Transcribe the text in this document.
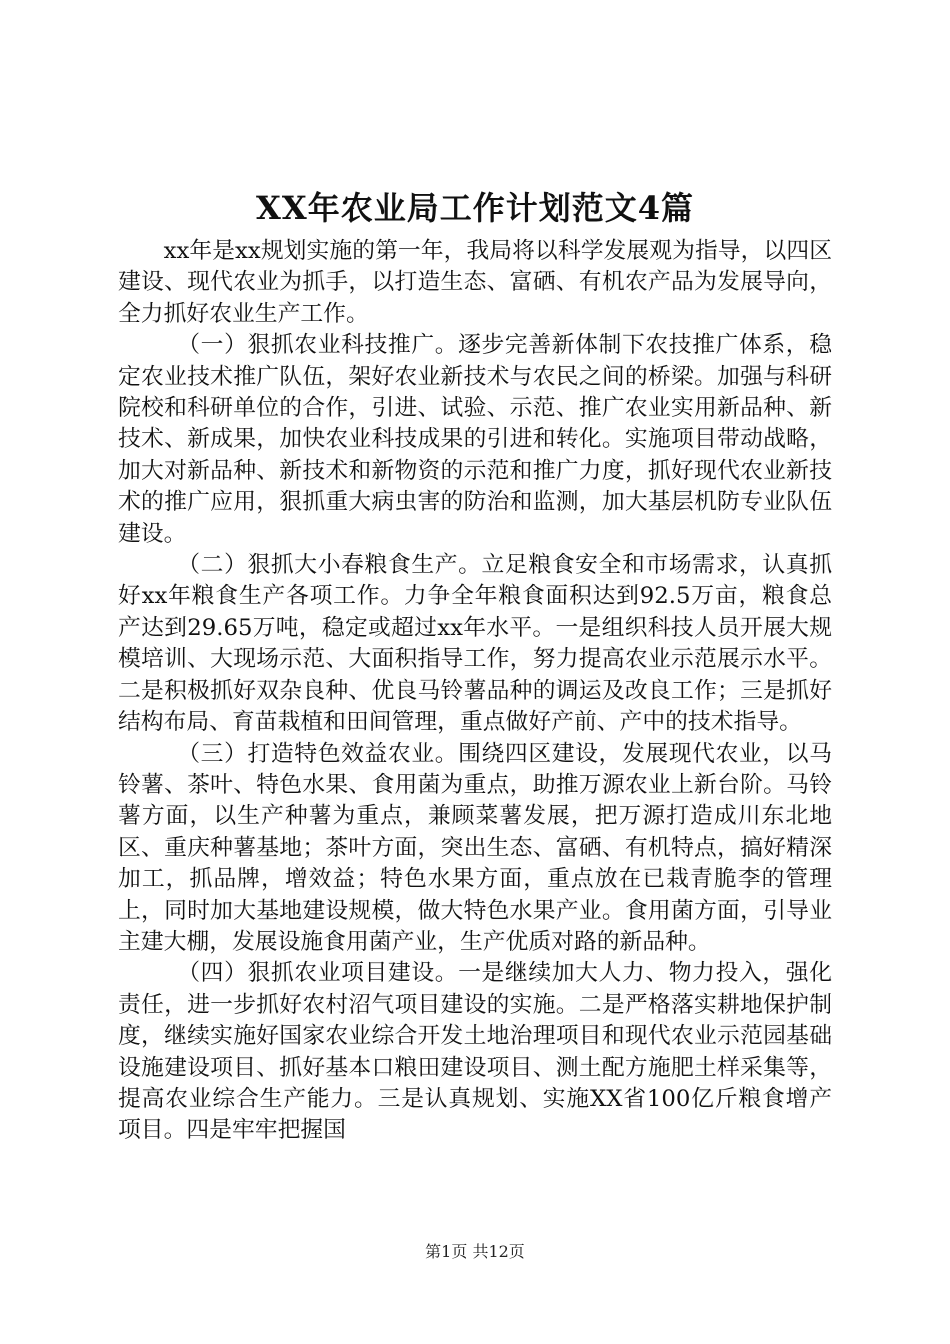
XX年农业局工作计划范文4篇

xx年是xx规划实施的第一年，我局将以科学发展观为指导，以四区建设、现代农业为抓手，以打造生态、富硒、有机农产品为发展导向，全力抓好农业生产工作。

（一）狠抓农业科技推广。逐步完善新体制下农技推广体系，稳定农业技术推广队伍，架好农业新技术与农民之间的桥梁。加强与科研院校和科研单位的合作，引进、试验、示范、推广农业实用新品种、新技术、新成果，加快农业科技成果的引进和转化。实施项目带动战略，加大对新品种、新技术和新物资的示范和推广力度，抓好现代农业新技术的推广应用，狠抓重大病虫害的防治和监测，加大基层机防专业队伍建设。

（二）狠抓大小春粮食生产。立足粮食安全和市场需求，认真抓好xx年粮食生产各项工作。力争全年粮食面积达到92.5万亩，粮食总产达到29.65万吨，稳定或超过xx年水平。一是组织科技人员开展大规模培训、大现场示范、大面积指导工作，努力提高农业示范展示水平。二是积极抓好双杂良种、优良马铃薯品种的调运及改良工作；三是抓好结构布局、育苗栽植和田间管理，重点做好产前、产中的技术指导。

（三）打造特色效益农业。围绕四区建设，发展现代农业，以马铃薯、茶叶、特色水果、食用菌为重点，助推万源农业上新台阶。马铃薯方面，以生产种薯为重点，兼顾菜薯发展，把万源打造成川东北地区、重庆种薯基地；茶叶方面，突出生态、富硒、有机特点，搞好精深加工，抓品牌，增效益；特色水果方面，重点放在已栽青脆李的管理上，同时加大基地建设规模，做大特色水果产业。食用菌方面，引导业主建大棚，发展设施食用菌产业，生产优质对路的新品种。

（四）狠抓农业项目建设。一是继续加大人力、物力投入，强化责任，进一步抓好农村沼气项目建设的实施。二是严格落实耕地保护制度，继续实施好国家农业综合开发土地治理项目和现代农业示范园基础设施建设项目、抓好基本口粮田建设项目、测土配方施肥土样采集等，提高农业综合生产能力。三是认真规划、实施XX省100亿斤粮食增产项目。四是牢牢把握国

第1页 共12页
